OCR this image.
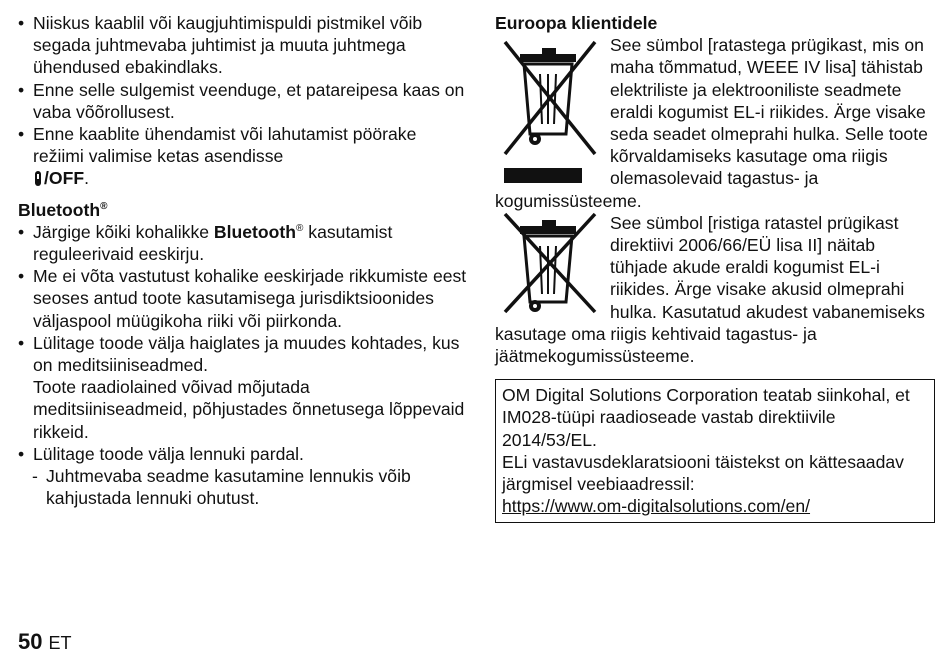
• Niiskus kaablil või kaugjuhtimispuldi pistmikel võib segada juhtmevaba juhtimist ja muuta juhtmega ühendused ebakindlaks.
• Enne selle sulgemist veenduge, et patareipesa kaas on vaba võõrollusest.
• Enne kaablite ühendamist või lahutamist pöörake režiimi valimise ketas asendisse
/OFF.
Bluetooth®
• Järgige kõiki kohalikke Bluetooth® kasutamist reguleerivaid eeskirju.
• Me ei võta vastutust kohalike eeskirjade rikkumiste eest seoses antud toote kasutamisega jurisdiktsioonides väljaspool müügikoha riiki või piirkonda.
• Lülitage toode välja haiglates ja muudes kohtades, kus on meditsiiniseadmed.
Toote raadiolained võivad mõjutada meditsiiniseadmeid, põhjustades õnnetusega lõppevaid rikkeid.
• Lülitage toode välja lennuki pardal.
- Juhtmevaba seadme kasutamine lennukis võib kahjustada lennuki ohutust.
Euroopa klientidele
See sümbol [ratastega prügikast, mis on maha tõmmatud, WEEE IV lisa] tähistab elektriliste ja elektrooniliste seadmete eraldi kogumist EL-i riikides. Ärge visake seda seadet olmeprahi hulka. Selle toote kõrvaldamiseks kasutage oma riigis olemasolevaid tagastus- ja kogumissüsteeme.
See sümbol [ristiga ratastel prügikast direktiivi 2006/66/EÜ lisa II] näitab tühjade akude eraldi kogumist EL-i riikides. Ärge visake akusid olmeprahi hulka. Kasutatud akudest vabanemiseks kasutage oma riigis kehtivaid tagastus- ja jäätmekogumissüsteeme.
OM Digital Solutions Corporation teatab siinkohal, et IM028-tüüpi raadioseade vastab direktiivile 2014/53/EL.
ELi vastavusdeklaratsiooni täistekst on kättesaadav järgmisel veebiaadressil:
https://www.om-digitalsolutions.com/en/
50 ET
